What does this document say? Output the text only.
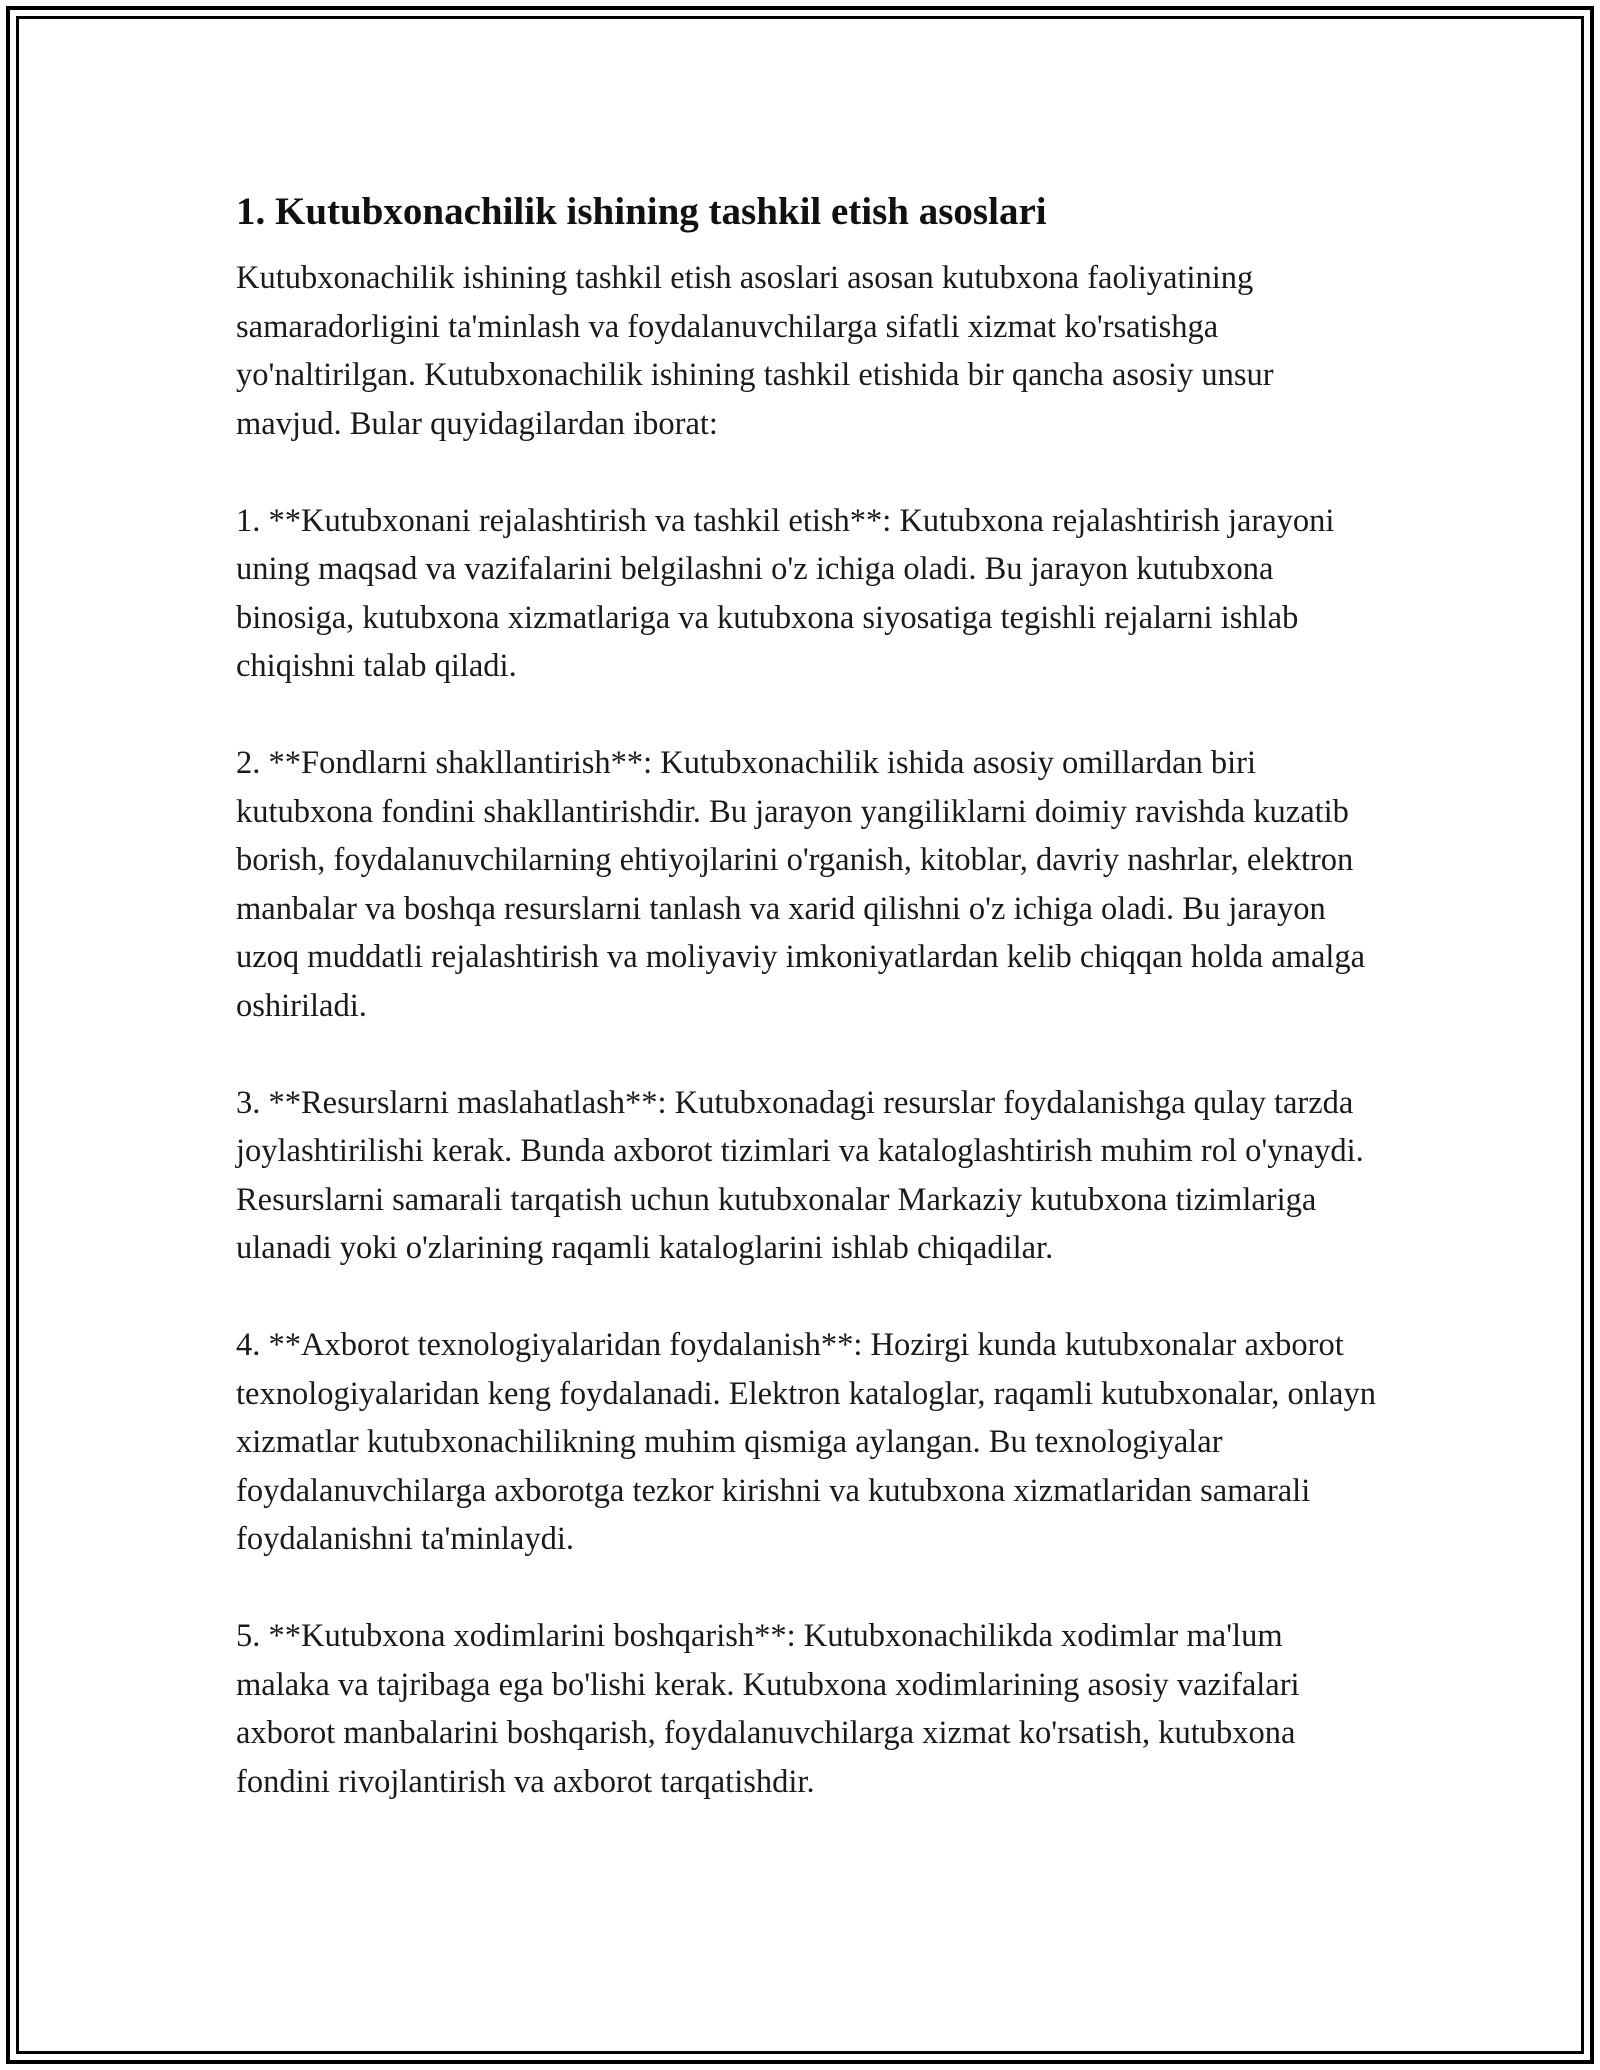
1. Kutubxonachilik ishining tashkil etish asoslari

Kutubxonachilik ishining tashkil etish asoslari asosan kutubxona faoliyatining samaradorligini ta'minlash va foydalanuvchilarga sifatli xizmat ko'rsatishga yo'naltirilgan. Kutubxonachilik ishining tashkil etishida bir qancha asosiy unsur mavjud. Bular quyidagilardan iborat:

1. **Kutubxonani rejalashtirish va tashkil etish**: Kutubxona rejalashtirish jarayoni uning maqsad va vazifalarini belgilashni o'z ichiga oladi. Bu jarayon kutubxona binosiga, kutubxona xizmatlariga va kutubxona siyosatiga tegishli rejalarni ishlab chiqishni talab qiladi.

2. **Fondlarni shakllantirish**: Kutubxonachilik ishida asosiy omillardan biri kutubxona fondini shakllantirishdir. Bu jarayon yangiliklarni doimiy ravishda kuzatib borish, foydalanuvchilarning ehtiyojlarini o'rganish, kitoblar, davriy nashrlar, elektron manbalar va boshqa resurslarni tanlash va xarid qilishni o'z ichiga oladi. Bu jarayon uzoq muddatli rejalashtirish va moliyaviy imkoniyatlardan kelib chiqqan holda amalga oshiriladi.

3. **Resurslarni maslahatlash**: Kutubxonadagi resurslar foydalanishga qulay tarzda joylashtirilishi kerak. Bunda axborot tizimlari va kataloglashtirish muhim rol o'ynaydi. Resurslarni samarali tarqatish uchun kutubxonalar Markaziy kutubxona tizimlariga ulanadi yoki o'zlarining raqamli kataloglarini ishlab chiqadilar.

4. **Axborot texnologiyalaridan foydalanish**: Hozirgi kunda kutubxonalar axborot texnologiyalaridan keng foydalanadi. Elektron kataloglar, raqamli kutubxonalar, onlayn xizmatlar kutubxonachilikning muhim qismiga aylangan. Bu texnologiyalar foydalanuvchilarga axborotga tezkor kirishni va kutubxona xizmatlaridan samarali foydalanishni ta'minlaydi.

5. **Kutubxona xodimlarini boshqarish**: Kutubxonachilikda xodimlar ma'lum malaka va tajribaga ega bo'lishi kerak. Kutubxona xodimlarining asosiy vazifalari axborot manbalarini boshqarish, foydalanuvchilarga xizmat ko'rsatish, kutubxona fondini rivojlantirish va axborot tarqatishdir.
